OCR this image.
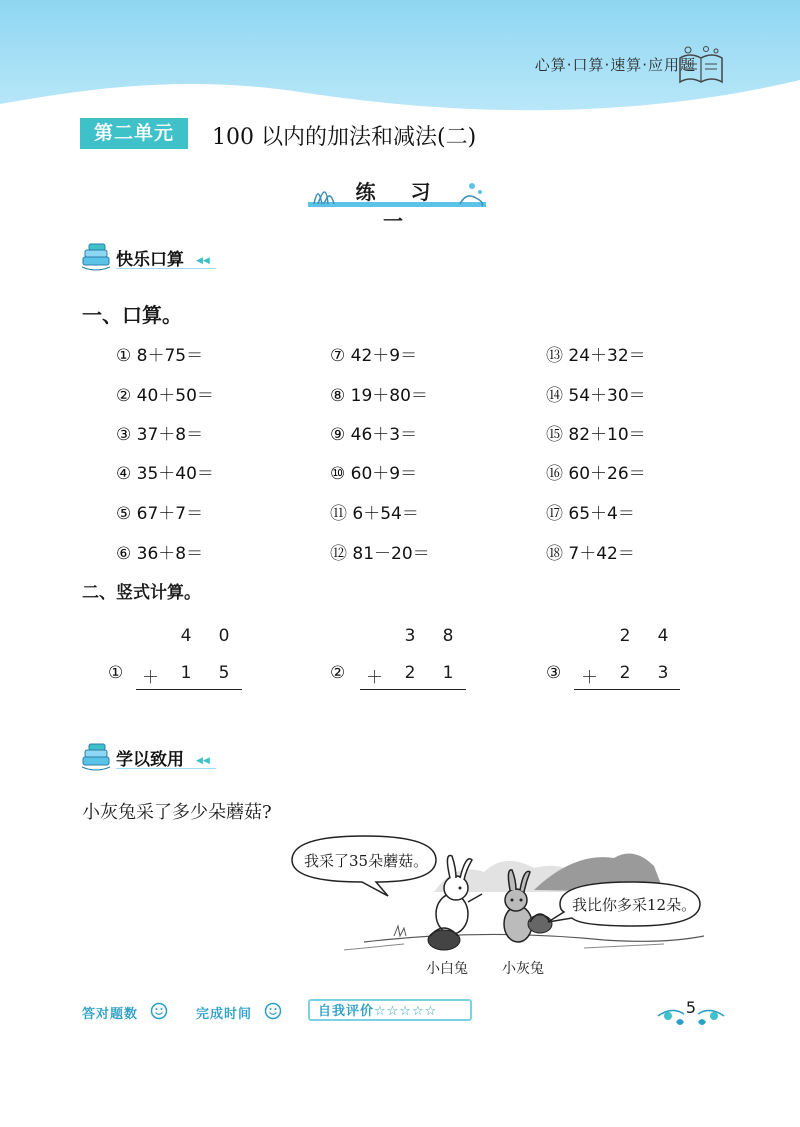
心算·口算·速算·应用题
第二单元	100 以内的加法和减法(二)
练 习 一
快乐口算 ◀◀
一、口算。
① 8＋75＝
② 40＋50＝
③ 37＋8＝
④ 35＋40＝
⑤ 67＋7＝
⑥ 36＋8＝
⑦ 42＋9＝
⑧ 19＋80＝
⑨ 46＋3＝
⑩ 60＋9＝
⑪ 6＋54＝
⑫ 81－20＝
⑬ 24＋32＝
⑭ 54＋30＝
⑮ 82＋10＝
⑯ 60＋26＝
⑰ 65＋4＝
⑱ 7＋42＝
二、竖式计算。
4 0
① ＋ 1 5
3 8
② ＋ 2 1
2 4
③ ＋ 2 3
学以致用 ◀◀
小灰兔采了多少朵蘑菇?
我采了35朵蘑菇。
我比你多采12朵。
小白兔 小灰兔
答对题数	完成时间	自我评价☆☆☆☆☆	5
